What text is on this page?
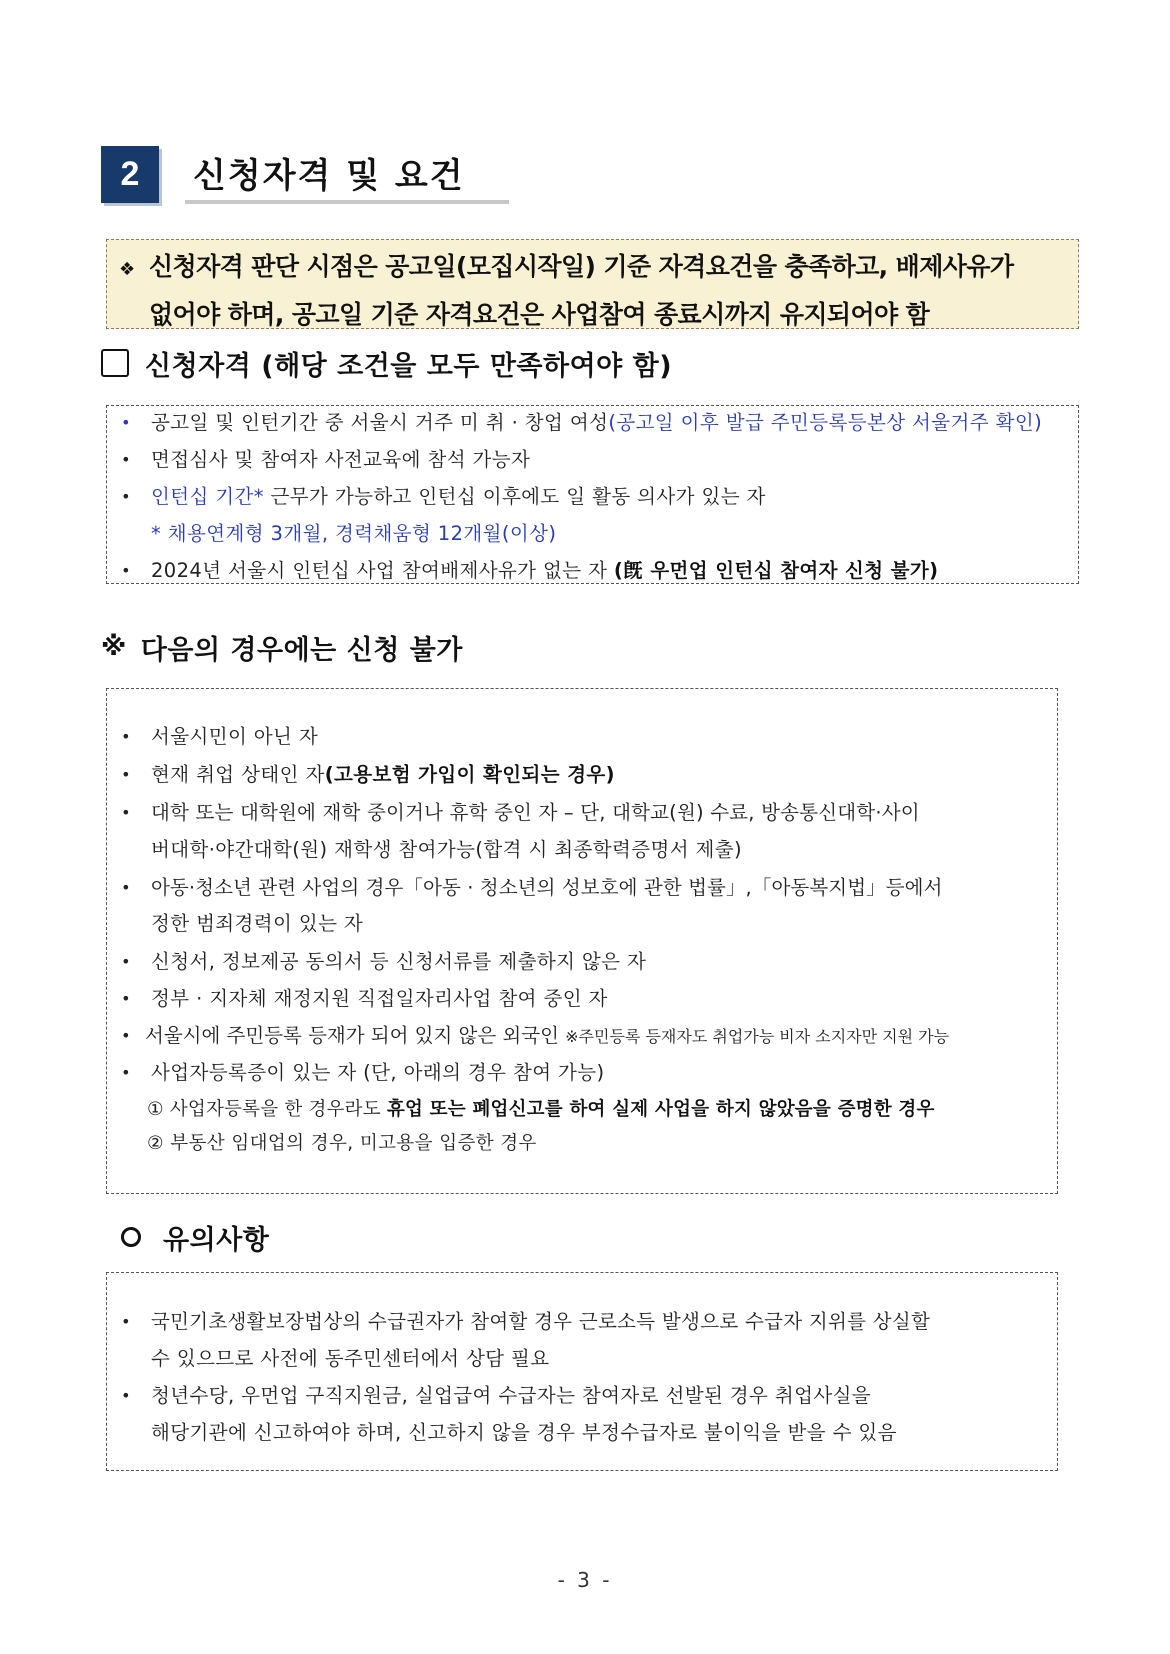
2	신청자격 및 요건
❖ 신청자격 판단 시점은 공고일(모집시작일) 기준 자격요건을 충족하고, 배제사유가
없어야 하며, 공고일 기준 자격요건은 사업참여 종료시까지 유지되어야 함
신청자격 (해당 조건을 모두 만족하여야 함)
• 공고일 및 인턴기간 중 서울시 거주 미 취 · 창업 여성(공고일 이후 발급 주민등록등본상 서울거주 확인)
• 면접심사 및 참여자 사전교육에 참석 가능자
• 인턴십 기간* 근무가 가능하고 인턴십 이후에도 일 활동 의사가 있는 자
* 채용연계형 3개월, 경력채움형 12개월(이상)
• 2024년 서울시 인턴십 사업 참여배제사유가 없는 자 (旣 우먼업 인턴십 참여자 신청 불가)
※ 다음의 경우에는 신청 불가
• 서울시민이 아닌 자
• 현재 취업 상태인 자(고용보험 가입이 확인되는 경우)
• 대학 또는 대학원에 재학 중이거나 휴학 중인 자 – 단, 대학교(원) 수료, 방송통신대학·사이
버대학·야간대학(원) 재학생 참여가능(합격 시 최종학력증명서 제출)
• 아동·청소년 관련 사업의 경우「아동 · 청소년의 성보호에 관한 법률」,「아동복지법」등에서
정한 범죄경력이 있는 자
• 신청서, 정보제공 동의서 등 신청서류를 제출하지 않은 자
• 정부 · 지자체 재정지원 직접일자리사업 참여 중인 자
• 서울시에 주민등록 등재가 되어 있지 않은 외국인 ※주민등록 등재자도 취업가능 비자 소지자만 지원 가능
• 사업자등록증이 있는 자 (단, 아래의 경우 참여 가능)
① 사업자등록을 한 경우라도 휴업 또는 폐업신고를 하여 실제 사업을 하지 않았음을 증명한 경우
② 부동산 임대업의 경우, 미고용을 입증한 경우
유의사항
• 국민기초생활보장법상의 수급권자가 참여할 경우 근로소득 발생으로 수급자 지위를 상실할
수 있으므로 사전에 동주민센터에서 상담 필요
• 청년수당, 우먼업 구직지원금, 실업급여 수급자는 참여자로 선발된 경우 취업사실을
해당기관에 신고하여야 하며, 신고하지 않을 경우 부정수급자로 불이익을 받을 수 있음
- 3 -
